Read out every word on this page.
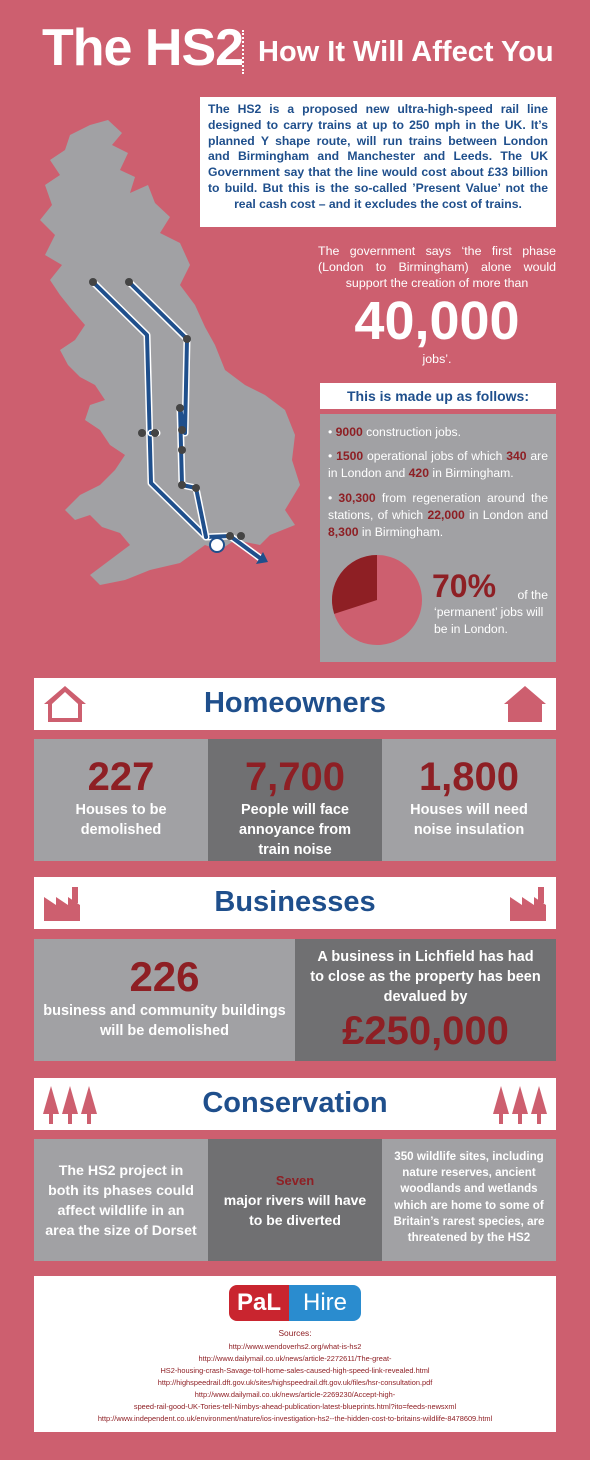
The HS2 How It Will Affect You
The HS2 is a proposed new ultra-high-speed rail line designed to carry trains at up to 250 mph in the UK. It’s planned Y shape route, will run trains between London and Birmingham and Manchester and Leeds. The UK Government say that the line would cost about £33 billion to build. But this is the so-called ’Present Value’ not the real cash cost – and it excludes the cost of trains.
The government says ‘the first phase (London to Birmingham) alone would support the creation of more than
40,000
jobs’.
This is made up as follows:
• 9000 construction jobs.
• 1500 operational jobs of which 340 are in London and 420 in Birmingham.
• 30,300 from regeneration around the stations, of which 22,000 in London and 8,300 in Birmingham.
70%	of the
‘permanent’ jobs will be in London.
Homeowners
227
Houses to be demolished
7,700
People will face annoyance from train noise
1,800
Houses will need noise insulation
Businesses
226
business and community buildings will be demolished
A business in Lichfield has had to close as the property has been devalued by
£250,000
Conservation
The HS2 project in both its phases could affect wildlife in an area the size of Dorset
Seven
major rivers will have to be diverted
350 wildlife sites, including nature reserves, ancient woodlands and wetlands which are home to some of Britain’s rarest species, are threatened by the HS2
PaL Hire
Sources:
http://www.wendoverhs2.org/what-is-hs2
http://www.dailymail.co.uk/news/article-2272611/The-great-
HS2-housing-crash-Savage-toll-home-sales-caused-high-speed-link-revealed.html
http://highspeedrail.dft.gov.uk/sites/highspeedrail.dft.gov.uk/files/hsr-consultation.pdf
http://www.dailymail.co.uk/news/article-2269230/Accept-high-
speed-rail-good-UK-Tories-tell-Nimbys-ahead-publication-latest-blueprints.html?ito=feeds-newsxml
http://www.independent.co.uk/environment/nature/ios-investigation-hs2--the-hidden-cost-to-britains-wildlife-8478609.html
